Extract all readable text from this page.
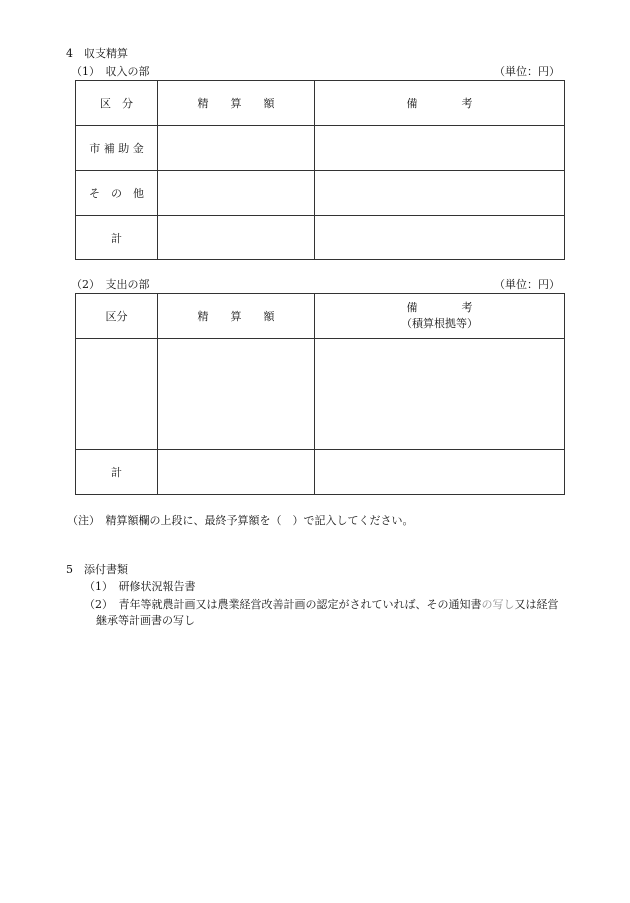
4　収支精算
（1）　収入の部	（単位：円）
区　分	精　　算　　額	備　　　　考
市 補 助 金		
そ　の　他		
計		
（2）　支出の部	（単位：円）
区分	精　　算　　額	備　　　　考
（積算根拠等）

計		
（注）　精算額欄の上段に、最終予算額を（　）で記入してください。
5　添付書類
（1）　研修状況報告書
（2）　青年等就農計画又は農業経営改善計画の認定がされていれば、その通知書の写し又は経営
継承等計画書の写し
